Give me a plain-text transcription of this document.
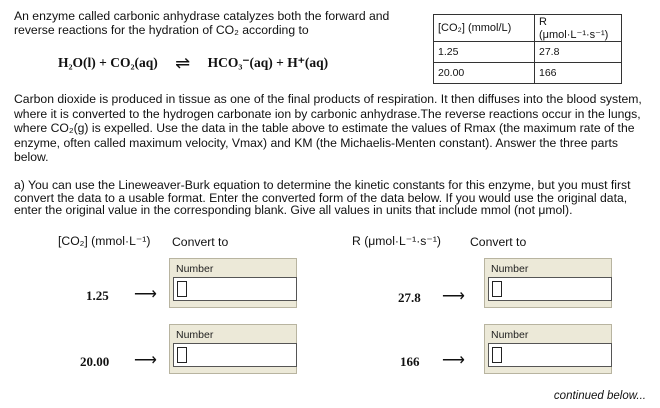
An enzyme called carbonic anhydrase catalyzes both the forward and reverse reactions for the hydration of CO₂ according to
H₂O(l) + CO₂(aq) ⇌ HCO₃⁻(aq) + H⁺(aq)
[CO₂] (mmol/L)	R (μmol·L⁻¹·s⁻¹)
1.25	27.8
20.00	166
Carbon dioxide is produced in tissue as one of the final products of respiration. It then diffuses into the blood system, where it is converted to the hydrogen carbonate ion by carbonic anhydrase.The reverse reactions occur in the lungs, where CO₂(g) is expelled. Use the data in the table above to estimate the values of Rmax (the maximum rate of the enzyme, often called maximum velocity, Vmax) and KM (the Michaelis-Menten constant). Answer the three parts below.
a) You can use the Lineweaver-Burk equation to determine the kinetic constants for this enzyme, but you must first convert the data to a usable format. Enter the converted form of the data below. If you would use the original data, enter the original value in the corresponding blank. Give all values in units that include mmol (not μmol).
[CO₂] (mmol·L⁻¹) Convert to	R (μmol·L⁻¹·s⁻¹) Convert to
1.25 ⟶
Number
27.8 ⟶
Number
20.00 ⟶
Number
166 ⟶
Number
continued below...
